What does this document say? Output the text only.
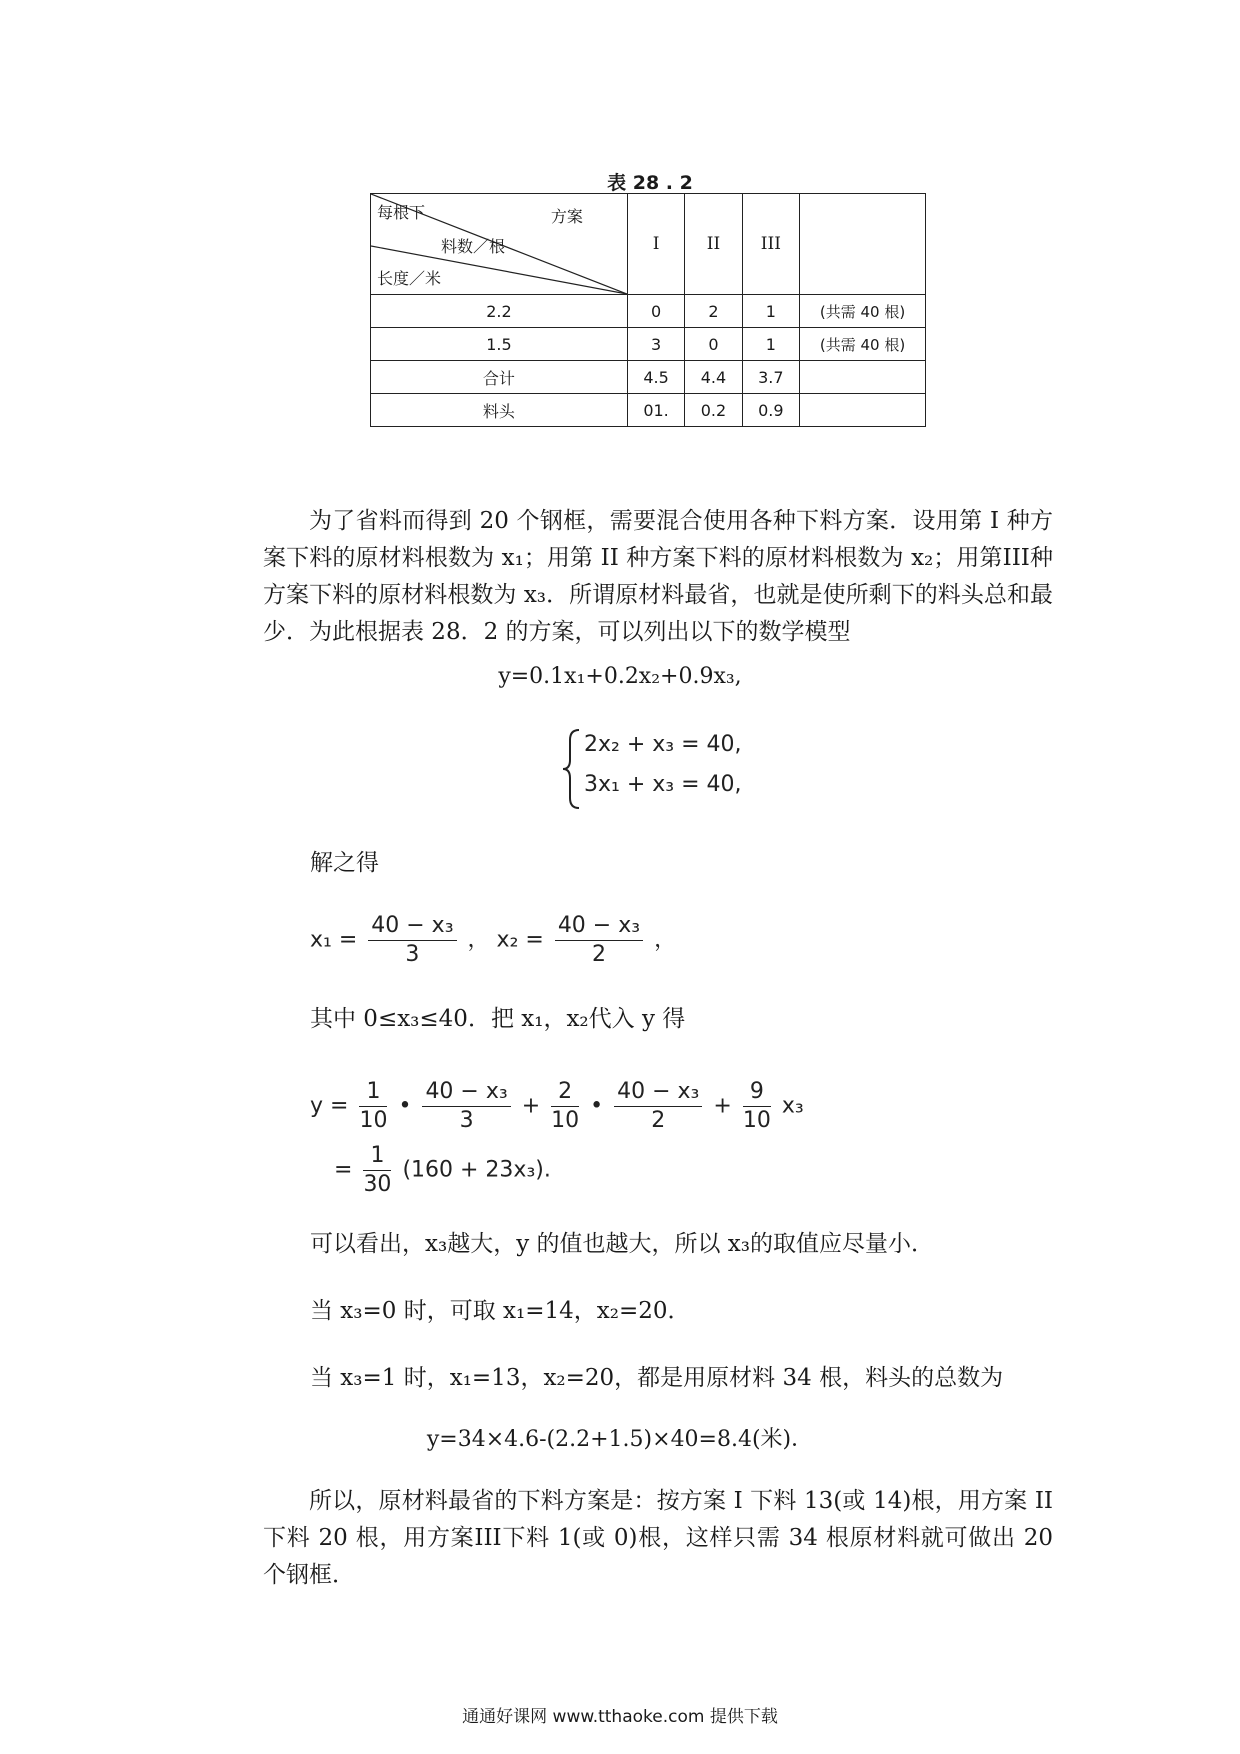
表 28 . 2
每根下 方案
料数／根
长度／米	I	II	III	
2.2	0	2	1	(共需 40 根)
1.5	3	0	1	(共需 40 根)
合计	4.5	4.4	3.7	
料头	01.	0.2	0.9	

为了省料而得到 20 个钢框，需要混合使用各种下料方案．设用第 I 种方案下料的原材料根数为 x₁；用第 II 种方案下料的原材料根数为 x₂；用第III种方案下料的原材料根数为 x₃．所谓原材料最省，也就是使所剩下的料头总和最少．为此根据表 28．2 的方案，可以列出以下的数学模型

y=0.1x₁+0.2x₂+0.9x₃,
2x₂ + x₃ = 40,
3x₁ + x₃ = 40,
解之得
$x_1 = \frac{\text{40 − x₃}}{3}$ ， $x_2 = \frac{\text{40 − x₃}}{2}$ ，
其中 0≤x₃≤40．把 x₁，x₂代入 y 得
$y = \frac{1}{10}$ • $\frac{\text{40 − x₃}}{3} + \frac{2}{10}$ • $\frac{\text{40 − x₃}}{2} + \frac{9}{10} x_3$
= $\frac{1}{30} (160 + 23x_3)$.
可以看出，x₃越大，y 的值也越大，所以 x₃的取值应尽量小．
当 x₃=0 时，可取 x₁=14，x₂=20．
当 x₃=1 时，x₁=13，x₂=20，都是用原材料 34 根，料头的总数为
y=34×4.6-(2.2+1.5)×40=8.4(米)．

所以，原材料最省的下料方案是：按方案 I 下料 13(或 14)根，用方案 II 下料 20 根，用方案III下料 1(或 0)根，这样只需 34 根原材料就可做出 20 个钢框．

通通好课网 www.tthaoke.com 提供下载
